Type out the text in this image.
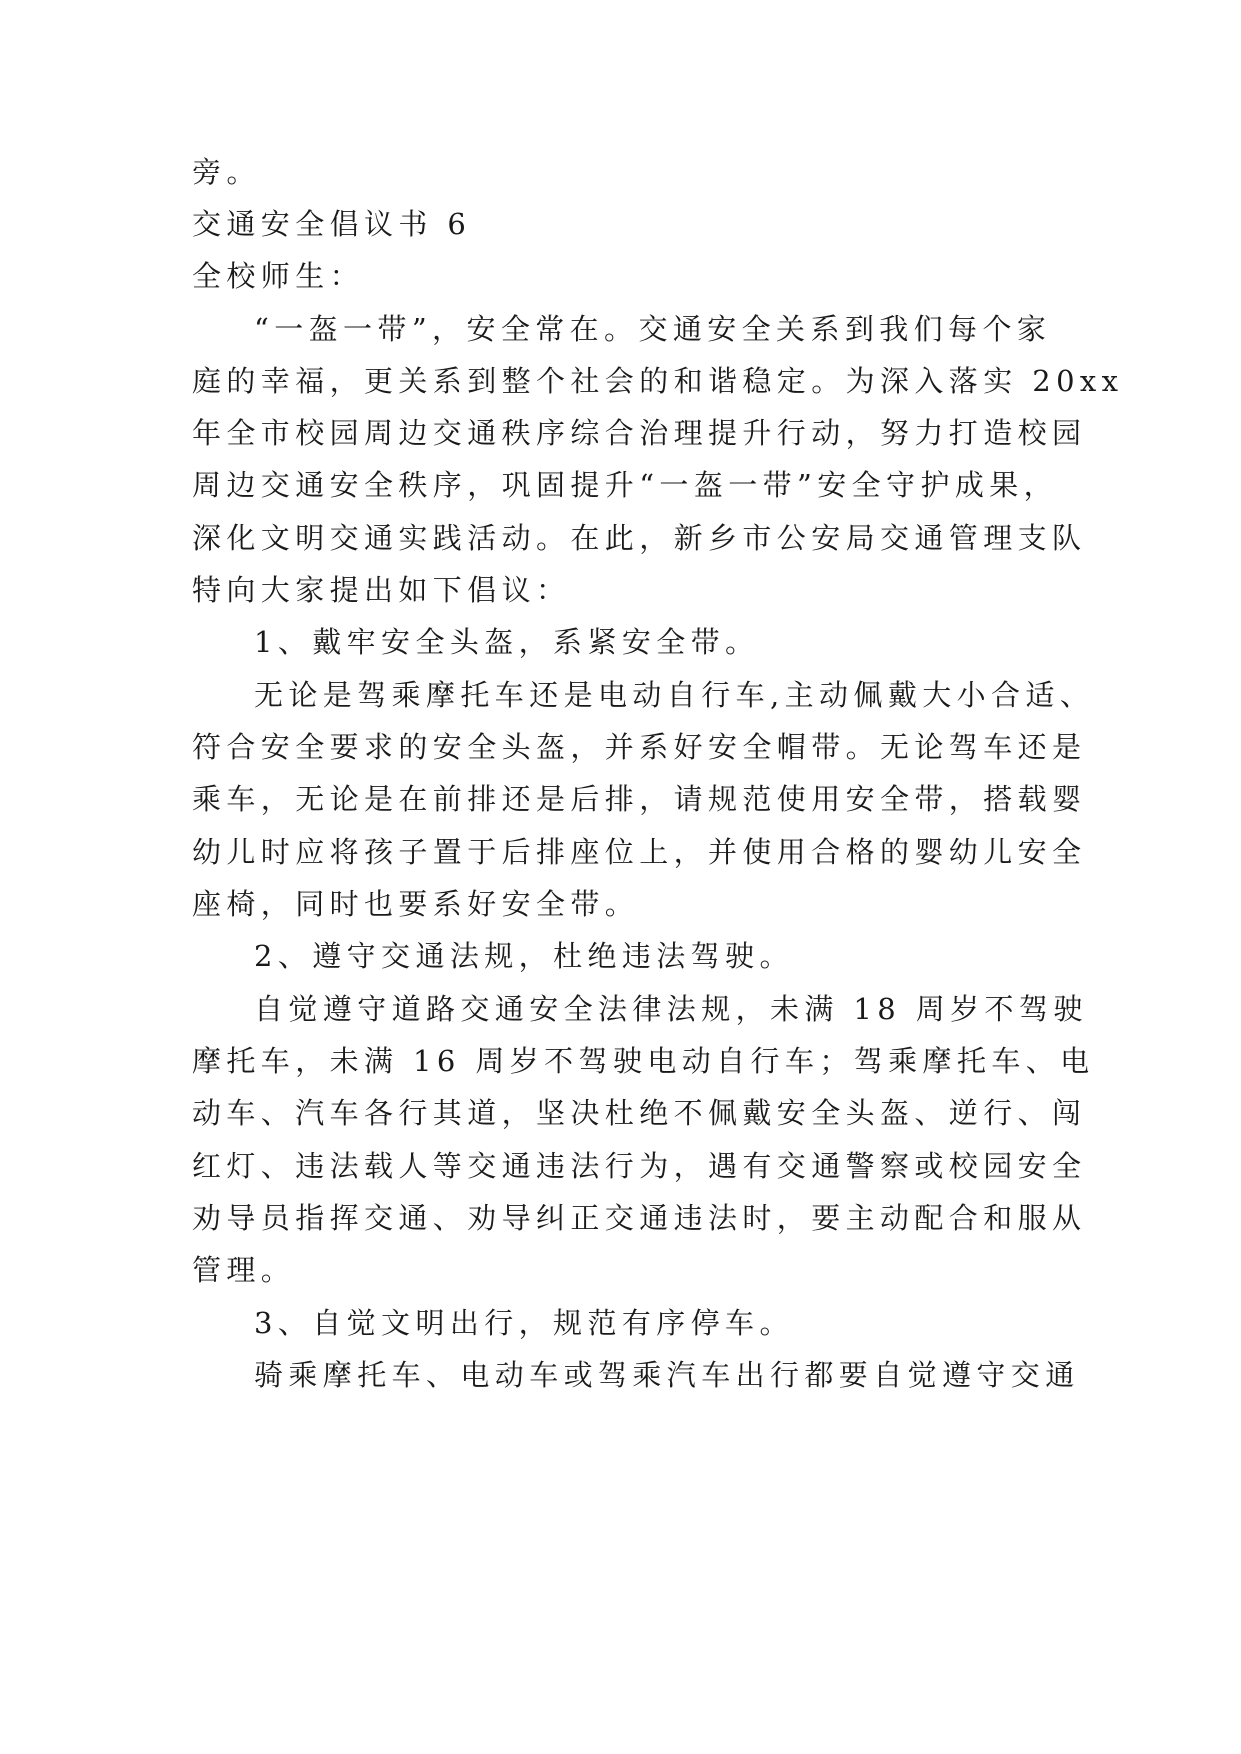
旁。
交通安全倡议书 6
全校师生：
“一盔一带”，安全常在。交通安全关系到我们每个家
庭的幸福，更关系到整个社会的和谐稳定。为深入落实 20xx
年全市校园周边交通秩序综合治理提升行动，努力打造校园
周边交通安全秩序，巩固提升“一盔一带”安全守护成果，
深化文明交通实践活动。在此，新乡市公安局交通管理支队
特向大家提出如下倡议：
1、戴牢安全头盔，系紧安全带。
无论是驾乘摩托车还是电动自行车,主动佩戴大小合适、
符合安全要求的安全头盔，并系好安全帽带。无论驾车还是
乘车，无论是在前排还是后排，请规范使用安全带，搭载婴
幼儿时应将孩子置于后排座位上，并使用合格的婴幼儿安全
座椅，同时也要系好安全带。
2、遵守交通法规，杜绝违法驾驶。
自觉遵守道路交通安全法律法规，未满 18 周岁不驾驶
摩托车，未满 16 周岁不驾驶电动自行车；驾乘摩托车、电
动车、汽车各行其道，坚决杜绝不佩戴安全头盔、逆行、闯
红灯、违法载人等交通违法行为，遇有交通警察或校园安全
劝导员指挥交通、劝导纠正交通违法时，要主动配合和服从
管理。
3、自觉文明出行，规范有序停车。
骑乘摩托车、电动车或驾乘汽车出行都要自觉遵守交通
